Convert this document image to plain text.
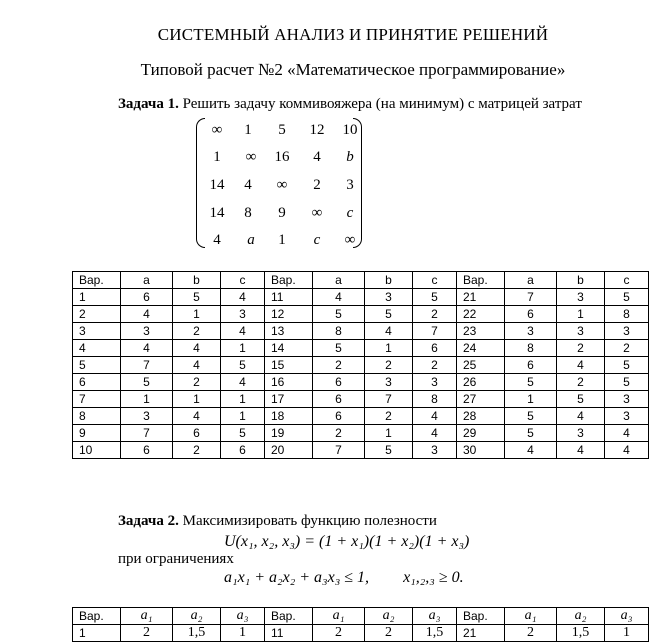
СИСТЕМНЫЙ АНАЛИЗ И ПРИНЯТИЕ РЕШЕНИЙ
Типовой расчет №2 «Математическое программирование»
Задача 1. Решить задачу коммивояжера (на минимум) с матрицей затрат
∞	1	5	12	10
1	∞	16	4	b
14	4	∞	2	3
14	8	9	∞	c
4	a	1	c	∞
Вар.	a	b	c	Вар.	a	b	c	Вар.	a	b	c
1	6	5	4	11	4	3	5	21	7	3	5
2	4	1	3	12	5	5	2	22	6	1	8
3	3	2	4	13	8	4	7	23	3	3	3
4	4	4	1	14	5	1	6	24	8	2	2
5	7	4	5	15	2	2	2	25	6	4	5
6	5	2	4	16	6	3	3	26	5	2	5
7	1	1	1	17	6	7	8	27	1	5	3
8	3	4	1	18	6	2	4	28	5	4	3
9	7	6	5	19	2	1	4	29	5	3	4
10	6	2	6	20	7	5	3	30	4	4	4
Задача 2. Максимизировать функцию полезности
U(x₁, x₂, x₃) = (1 + x₁)(1 + x₂)(1 + x₃)
при ограничениях
a₁x₁ + a₂x₂ + a₃x₃ ≤ 1, x₁,₂,₃ ≥ 0.
Вар.	a₁	a₂	a₃	Вар.	a₁	a₂	a₃	Вар.	a₁	a₂	a₃
1	2	1,5	1	11	2	2	1,5	21	2	1,5	1
